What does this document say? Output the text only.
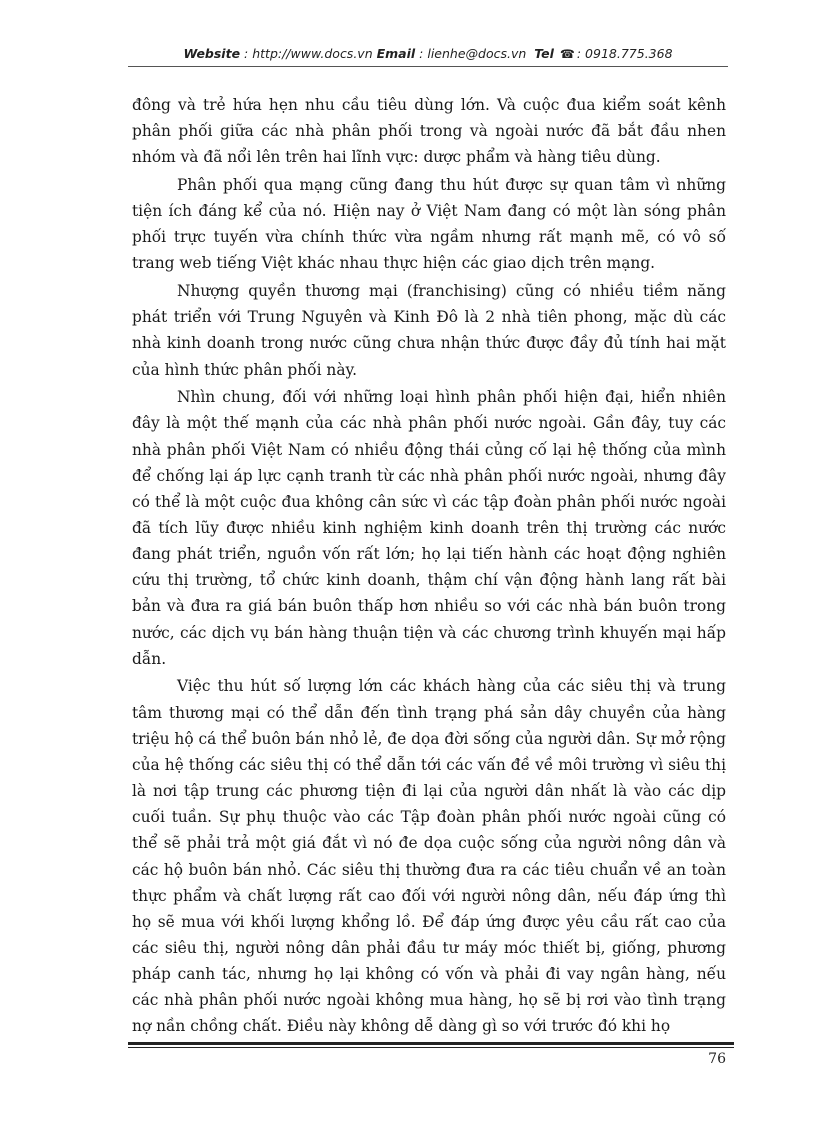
Website : http://www.docs.vn Email : lienhe@docs.vn Tel ☎ : 0918.775.368

đông và trẻ hứa hẹn nhu cầu tiêu dùng lớn. Và cuộc đua kiểm soát kênh phân phối giữa các nhà phân phối trong và ngoài nước đã bắt đầu nhen nhóm và đã nổi lên trên hai lĩnh vực: dược phẩm và hàng tiêu dùng.

Phân phối qua mạng cũng đang thu hút được sự quan tâm vì những tiện ích đáng kể của nó. Hiện nay ở Việt Nam đang có một làn sóng phân phối trực tuyến vừa chính thức vừa ngầm nhưng rất mạnh mẽ, có vô số trang web tiếng Việt khác nhau thực hiện các giao dịch trên mạng.

Nhượng quyền thương mại (franchising) cũng có nhiều tiềm năng phát triển với Trung Nguyên và Kinh Đô là 2 nhà tiên phong, mặc dù các nhà kinh doanh trong nước cũng chưa nhận thức được đầy đủ tính hai mặt của hình thức phân phối này.

Nhìn chung, đối với những loại hình phân phối hiện đại, hiển nhiên đây là một thế mạnh của các nhà phân phối nước ngoài. Gần đây, tuy các nhà phân phối Việt Nam có nhiều động thái củng cố lại hệ thống của mình để chống lại áp lực cạnh tranh từ các nhà phân phối nước ngoài, nhưng đây có thể là một cuộc đua không cân sức vì các tập đoàn phân phối nước ngoài đã tích lũy được nhiều kinh nghiệm kinh doanh trên thị trường các nước đang phát triển, nguồn vốn rất lớn; họ lại tiến hành các hoạt động nghiên cứu thị trường, tổ chức kinh doanh, thậm chí vận động hành lang rất bài bản và đưa ra giá bán buôn thấp hơn nhiều so với các nhà bán buôn trong nước, các dịch vụ bán hàng thuận tiện và các chương trình khuyến mại hấp dẫn.

Việc thu hút số lượng lớn các khách hàng của các siêu thị và trung tâm thương mại có thể dẫn đến tình trạng phá sản dây chuyền của hàng triệu hộ cá thể buôn bán nhỏ lẻ, đe dọa đời sống của người dân. Sự mở rộng của hệ thống các siêu thị có thể dẫn tới các vấn đề về môi trường vì siêu thị là nơi tập trung các phương tiện đi lại của người dân nhất là vào các dịp cuối tuần. Sự phụ thuộc vào các Tập đoàn phân phối nước ngoài cũng có thể sẽ phải trả một giá đắt vì nó đe dọa cuộc sống của người nông dân và các hộ buôn bán nhỏ. Các siêu thị thường đưa ra các tiêu chuẩn về an toàn thực phẩm và chất lượng rất cao đối với người nông dân, nếu đáp ứng thì họ sẽ mua với khối lượng khổng lồ. Để đáp ứng được yêu cầu rất cao của các siêu thị, người nông dân phải đầu tư máy móc thiết bị, giống, phương pháp canh tác, nhưng họ lại không có vốn và phải đi vay ngân hàng, nếu các nhà phân phối nước ngoài không mua hàng, họ sẽ bị rơi vào tình trạng nợ nần chồng chất. Điều này không dễ dàng gì so với trước đó khi họ

76
